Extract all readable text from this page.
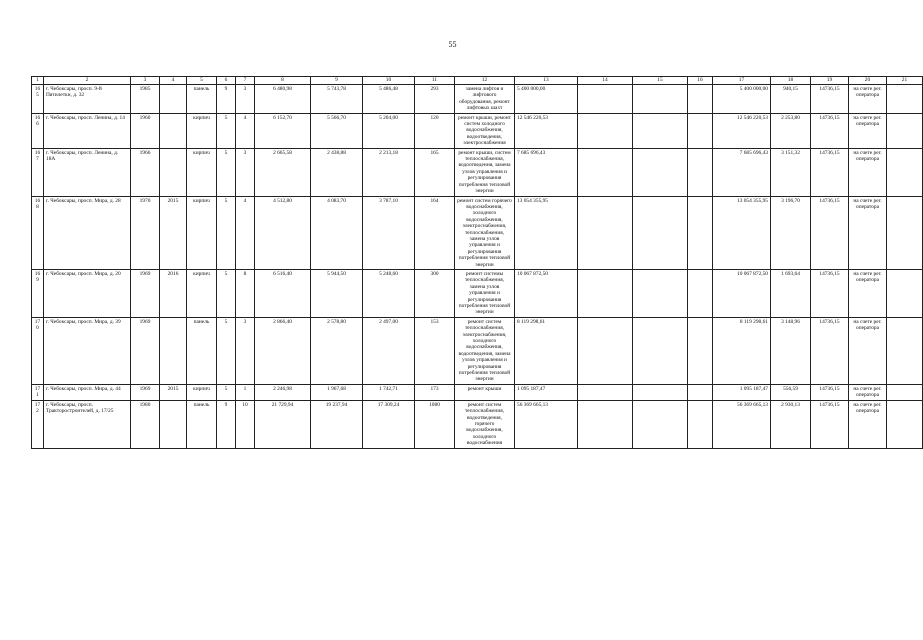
55
1	2	3	4	5	6	7	8	9	10	11	12	13	14	15	16	17	18	19	20	21
165	г. Чебоксары, просп. 9-й Пятилетки, д. 32	1985		панель	9	3	6 480,98	5 743,78	5 486,48	293	замена лифтов и лифтового оборудования, ремонт лифтовых шахт	5 400 000,00				5 400 000,00	940,15	14736,15	на счете рег. оператора	
166	г. Чебоксары, просп. Ленина, д. 14	1960		кирпич	5	4	6 152,70	5 566,70	5 204,00	120	ремонт крыши, ремонт систем холодного водоснабжения, водоотведения, электроснабжения	12 546 220,53				12 546 220,53	2 253,80	14736,15	на счете рег. оператора	
167	г. Чебоксары, просп. Ленина, д. 18А	1966		кирпич	5	3	2 665,58	2 438,88	2 213,18	165	ремонт крыши, систем теплоснабжения, водоотведения, замена узлов управления и регулирования потребления тепловой энергии	7 685 696,43				7 685 696,43	3 151,32	14736,15	на счете рег. оператора	
168	г. Чебоксары, просп. Мира, д. 28	1970	2015	кирпич	5	4	4 512,80	4 083,70	3 787,10	164	ремонт систем горячего водоснабжения, холодного водоснабжения, электроснабжения, теплоснабжения, замена узлов управления и регулирования потребления тепловой энергии	13 054 355,95				13 054 355,95	3 196,70	14736,15	на счете рег. оператора	
169	г. Чебоксары, просп. Мира, д. 20	1969	2016	кирпич	5	8	6 516,40	5 944,50	5 248,60	300	ремонт системы теплоснабжения, замена узлов управления и регулирования потребления тепловой энергии	10 067 872,50				10 067 872,50	1 693,64	14736,15	на счете рег. оператора	
170	г. Чебоксары, просп. Мира, д. 39	1969		панель	5	3	2 866,40	2 578,80	2 497,00	153	ремонт систем теплоснабжения, электроснабжения, холодного водоснабжения, водоотведения, замена узлов управления и регулирования потребления тепловой энергии	8 119 298,61				8 119 298,61	3 148,96	14736,15	на счете рег. оператора	
171	г. Чебоксары, просп. Мира, д. 44	1969	2015	кирпич	5	1	2 246,98	1 967,68	1 742,71	173	ремонт крыши	1 095 187,47				1 095 187,47	556,59	14736,15	на счете рег. оператора	
172	г. Чебоксары, просп. Тракторостроителей, д. 17/25	1980		панель	9	10	21 729,94	19 237,94	17 309,24	1080	ремонт систем теплоснабжения, водоотведения, горячего водоснабжения, холодного водоснабжения	56 369 665,13				56 369 665,13	2 930,13	14736,15	на счете рег. оператора	
